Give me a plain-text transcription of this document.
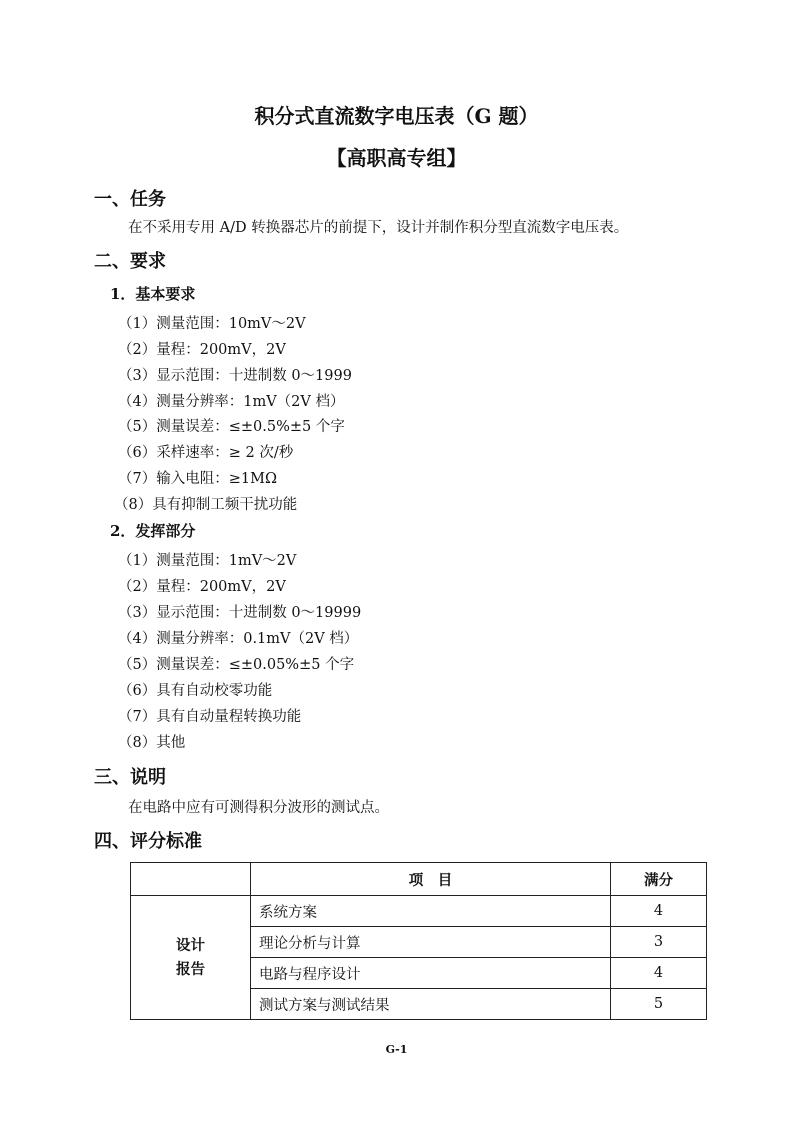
积分式直流数字电压表（G 题）
【高职高专组】
一、任务
在不采用专用 A/D 转换器芯片的前提下，设计并制作积分型直流数字电压表。
二、要求
1．基本要求
（1）测量范围：10mV～2V
（2）量程：200mV，2V
（3）显示范围：十进制数 0～1999
（4）测量分辨率：1mV（2V 档）
（5）测量误差：≤±0.5%±5 个字
（6）采样速率：≥ 2 次/秒
（7）输入电阻：≥1MΩ
（8）具有抑制工频干扰功能
2．发挥部分
（1）测量范围：1mV～2V
（2）量程：200mV，2V
（3）显示范围：十进制数 0～19999
（4）测量分辨率：0.1mV（2V 档）
（5）测量误差：≤±0.05%±5 个字
（6）具有自动校零功能
（7）具有自动量程转换功能
（8）其他
三、说明
在电路中应有可测得积分波形的测试点。
四、评分标准
	项　目	满分

设计
报告	系统方案	4
	理论分析与计算	3
	电路与程序设计	4
	测试方案与测试结果	5
G-1
